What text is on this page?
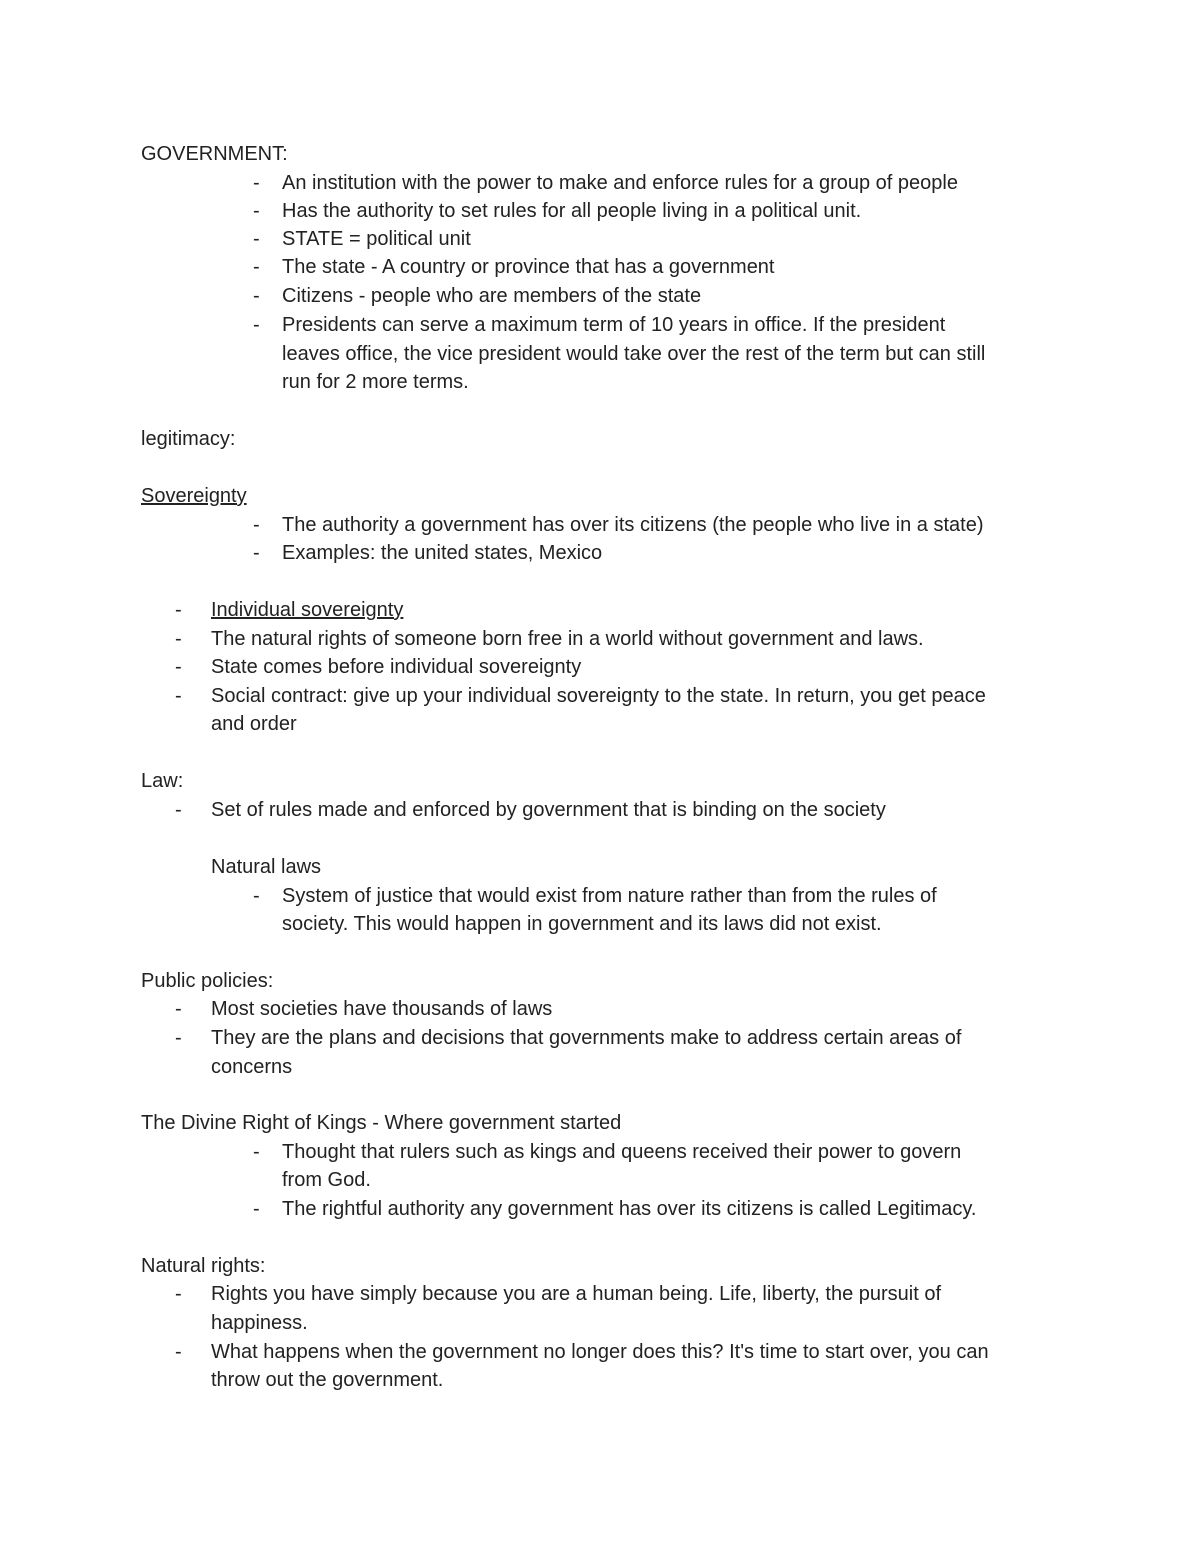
GOVERNMENT:
- An institution with the power to make and enforce rules for a group of people
- Has the authority to set rules for all people living in a political unit.
- STATE = political unit
- The state - A country or province that has a government
- Citizens - people who are members of the state
- Presidents can serve a maximum term of 10 years in office. If the president
leaves office, the vice president would take over the rest of the term but can still
run for 2 more terms.
legitimacy:
Sovereignty
- The authority a government has over its citizens (the people who live in a state)
- Examples: the united states, Mexico
- Individual sovereignty
- The natural rights of someone born free in a world without government and laws.
- State comes before individual sovereignty
- Social contract: give up your individual sovereignty to the state. In return, you get peace
and order
Law:
- Set of rules made and enforced by government that is binding on the society
Natural laws
- System of justice that would exist from nature rather than from the rules of
society. This would happen in government and its laws did not exist.
Public policies:
- Most societies have thousands of laws
- They are the plans and decisions that governments make to address certain areas of
concerns
The Divine Right of Kings - Where government started
- Thought that rulers such as kings and queens received their power to govern
from God.
- The rightful authority any government has over its citizens is called Legitimacy.
Natural rights:
- Rights you have simply because you are a human being. Life, liberty, the pursuit of
happiness.
- What happens when the government no longer does this? It's time to start over, you can
throw out the government.
